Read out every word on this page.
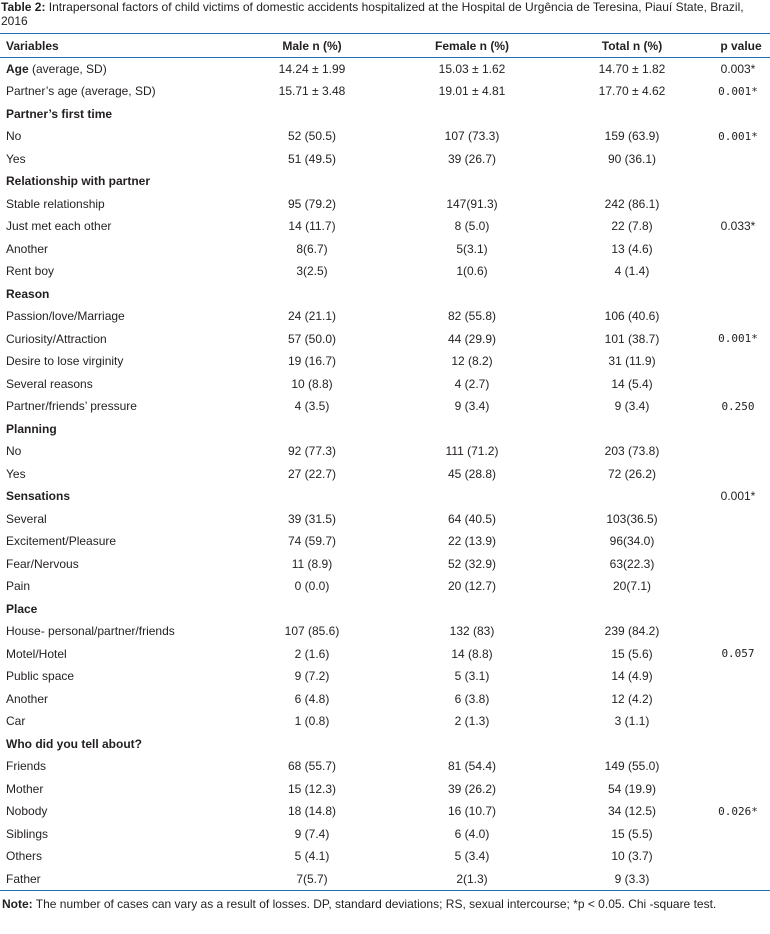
Table 2: Intrapersonal factors of child victims of domestic accidents hospitalized at the Hospital de Urgência de Teresina, Piauí State, Brazil, 2016
Variables	Male n (%)	Female n (%)	Total n (%)	p value
Age (average, SD)	14.24 ± 1.99	15.03 ± 1.62	14.70 ± 1.82	0.003*
Partner’s age (average, SD)	15.71 ± 3.48	19.01 ± 4.81	17.70 ± 4.62	0.001*
Partner’s first time				
No	52 (50.5)	107 (73.3)	159 (63.9)	0.001*
Yes	51 (49.5)	39 (26.7)	90 (36.1)	
Relationship with partner				
Stable relationship	95 (79.2)	147(91.3)	242 (86.1)	
Just met each other	14 (11.7)	8 (5.0)	22 (7.8)	0.033*
Another	8(6.7)	5(3.1)	13 (4.6)	
Rent boy	3(2.5)	1(0.6)	4 (1.4)	
Reason				
Passion/love/Marriage	24 (21.1)	82 (55.8)	106 (40.6)	
Curiosity/Attraction	57 (50.0)	44 (29.9)	101 (38.7)	0.001*
Desire to lose virginity	19 (16.7)	12 (8.2)	31 (11.9)	
Several reasons	10 (8.8)	4 (2.7)	14 (5.4)	
Partner/friends’ pressure	4 (3.5)	9 (3.4)	9 (3.4)	0.250
Planning				
No	92 (77.3)	111 (71.2)	203 (73.8)	
Yes	27 (22.7)	45 (28.8)	72 (26.2)	
Sensations				0.001*
Several	39 (31.5)	64 (40.5)	103(36.5)	
Excitement/Pleasure	74 (59.7)	22 (13.9)	96(34.0)	
Fear/Nervous	11 (8.9)	52 (32.9)	63(22.3)	
Pain	0 (0.0)	20 (12.7)	20(7.1)	
Place				
House- personal/partner/friends	107 (85.6)	132 (83)	239 (84.2)	
Motel/Hotel	2 (1.6)	14 (8.8)	15 (5.6)	0.057
Public space	9 (7.2)	5 (3.1)	14 (4.9)	
Another	6 (4.8)	6 (3.8)	12 (4.2)	
Car	1 (0.8)	2 (1.3)	3 (1.1)	
Who did you tell about?				
Friends	68 (55.7)	81 (54.4)	149 (55.0)	
Mother	15 (12.3)	39 (26.2)	54 (19.9)	
Nobody	18 (14.8)	16 (10.7)	34 (12.5)	0.026*
Siblings	9 (7.4)	6 (4.0)	15 (5.5)	
Others	5 (4.1)	5 (3.4)	10 (3.7)	
Father	7(5.7)	2(1.3)	9 (3.3)	
Note: The number of cases can vary as a result of losses. DP, standard deviations; RS, sexual intercourse; *p < 0.05. Chi -square test.
